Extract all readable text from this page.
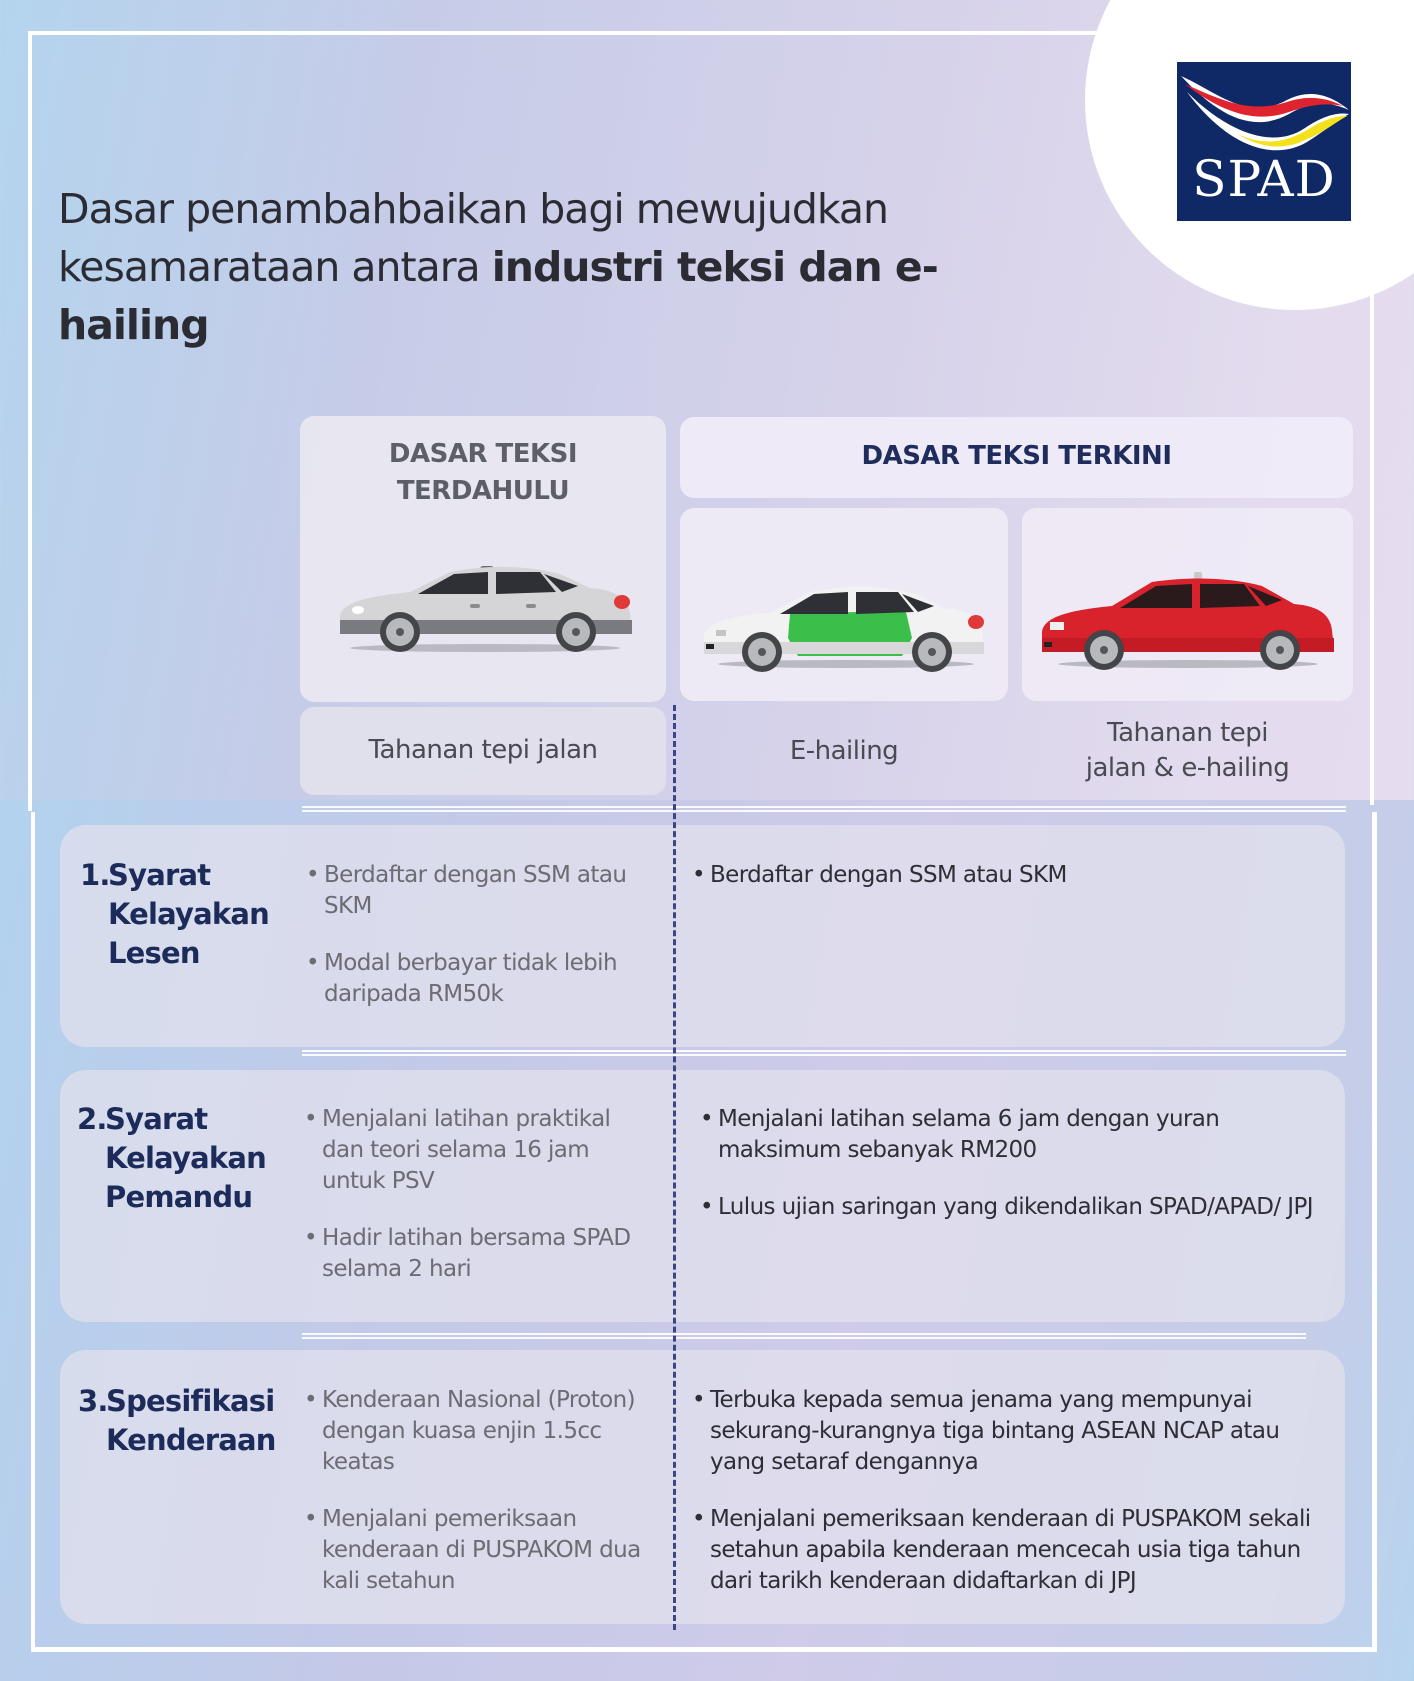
SPAD
Dasar penambahbaikan bagi mewujudkan
kesamarataan antara industri teksi dan e-hailing
DASAR TEKSI
TERDAHULU
Tahanan tepi jalan
DASAR TEKSI TERKINI
E-hailing
Tahanan tepi
jalan & e-hailing
1.Syarat
Kelayakan
Lesen
• Berdaftar dengan SSM atau SKM
• Modal berbayar tidak lebih daripada RM50k
• Berdaftar dengan SSM atau SKM
2.Syarat
Kelayakan
Pemandu
• Menjalani latihan praktikal dan teori selama 16 jam untuk PSV
• Hadir latihan bersama SPAD selama 2 hari
• Menjalani latihan selama 6 jam dengan yuran maksimum sebanyak RM200
• Lulus ujian saringan yang dikendalikan SPAD/APAD/ JPJ
3.Spesifikasi
Kenderaan
• Kenderaan Nasional (Proton) dengan kuasa enjin 1.5cc keatas
• Menjalani pemeriksaan kenderaan di PUSPAKOM dua kali setahun
• Terbuka kepada semua jenama yang mempunyai sekurang-kurangnya tiga bintang ASEAN NCAP atau yang setaraf dengannya
• Menjalani pemeriksaan kenderaan di PUSPAKOM sekali setahun apabila kenderaan mencecah usia tiga tahun dari tarikh kenderaan didaftarkan di JPJ
